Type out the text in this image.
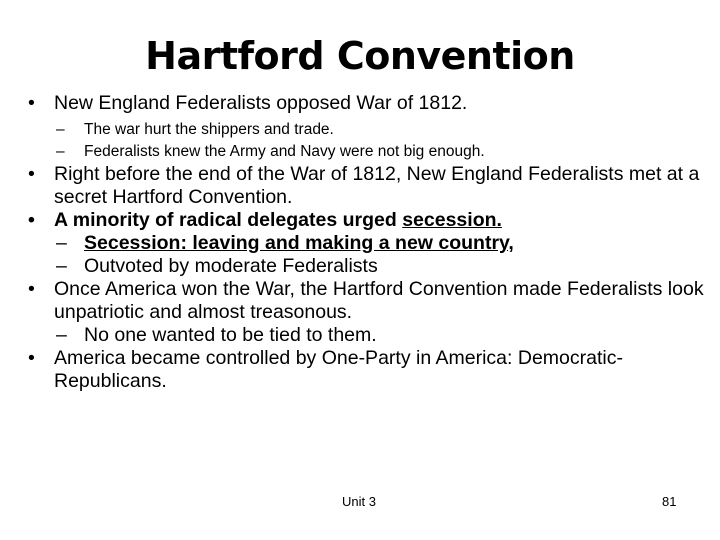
Hartford Convention
• New England Federalists opposed War of 1812.
– The war hurt the shippers and trade.
– Federalists knew the Army and Navy were not big enough.
• Right before the end of the War of 1812, New England Federalists met at a secret Hartford Convention.
• A minority of radical delegates urged secession.
– Secession: leaving and making a new country,
– Outvoted by moderate Federalists
• Once America won the War, the Hartford Convention made Federalists look unpatriotic and almost treasonous.
– No one wanted to be tied to them.
• America became controlled by One-Party in America: Democratic-Republicans.
Unit 3	81
